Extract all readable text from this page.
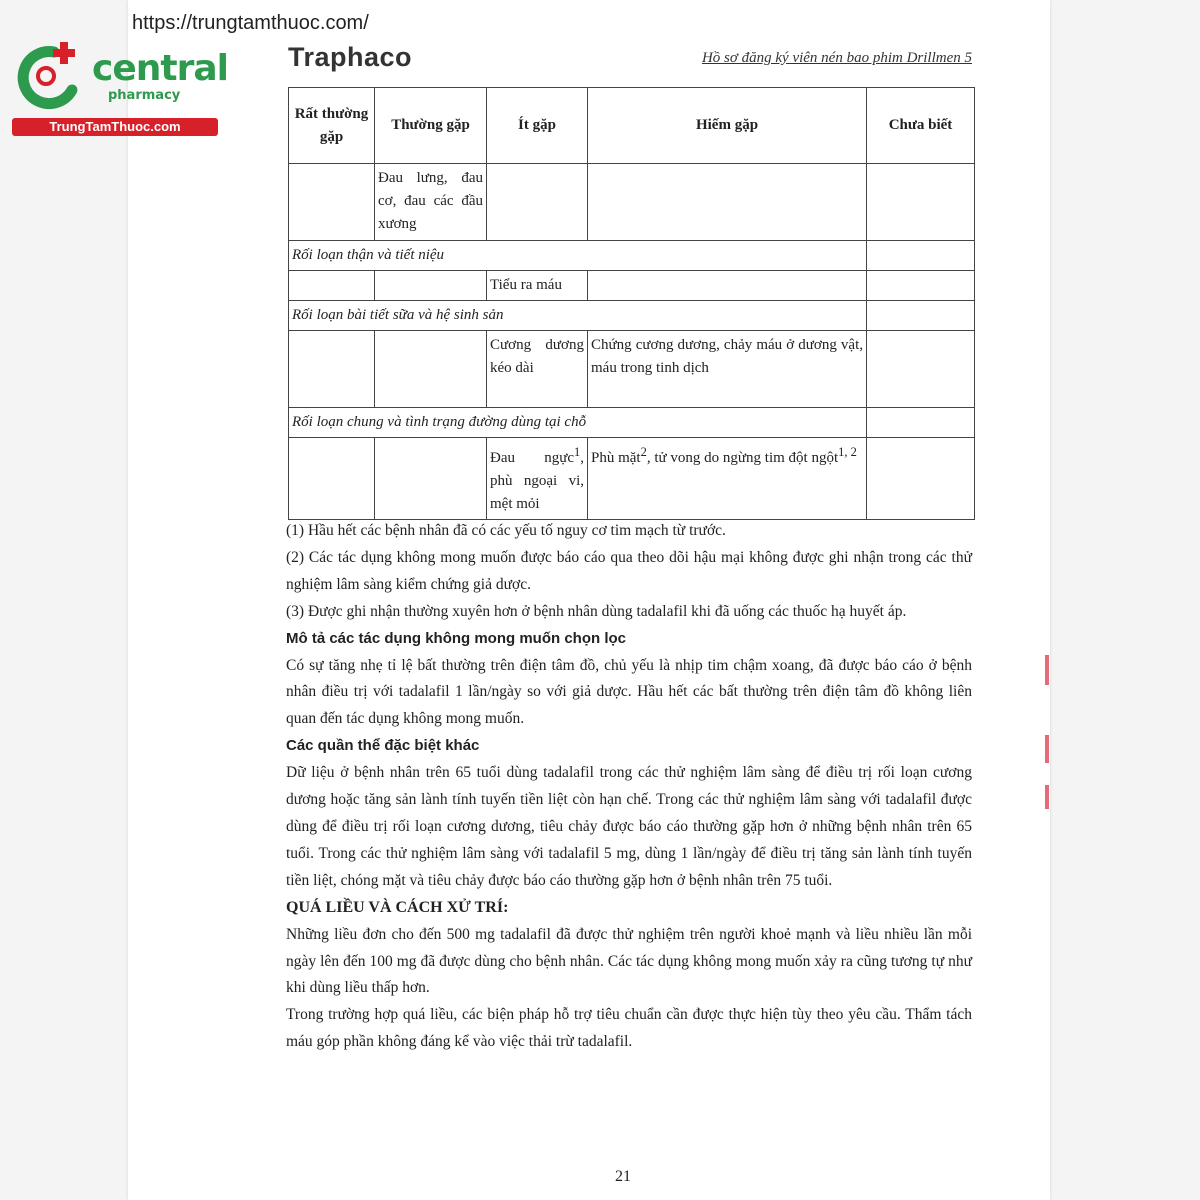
https://trungtamthuoc.com/
central
pharmacy
TrungTamThuoc.com
Traphaco	Hồ sơ đăng ký viên nén bao phim Drillmen 5
Rất thường gặp	Thường gặp	Ít gặp	Hiếm gặp	Chưa biết
	Đau lưng, đau cơ, đau các đầu xương			
Rối loạn thận và tiết niệu				
		Tiểu ra máu		
Rối loạn bài tiết sữa và hệ sinh sản				
		Cương dương kéo dài	Chứng cương dương, chảy máu ở dương vật, máu trong tinh dịch	
Rối loạn chung và tình trạng đường dùng tại chỗ				
		Đau ngực$^1$, phù ngoại vi, mệt mỏi	Phù mặt$^2$, tử vong do ngừng tim đột ngột$^{1, 2}$	

(1) Hầu hết các bệnh nhân đã có các yếu tố nguy cơ tim mạch từ trước.

(2) Các tác dụng không mong muốn được báo cáo qua theo dõi hậu mại không được ghi nhận trong các thử nghiệm lâm sàng kiểm chứng giả dược.

(3) Được ghi nhận thường xuyên hơn ở bệnh nhân dùng tadalafil khi đã uống các thuốc hạ huyết áp.

Mô tả các tác dụng không mong muốn chọn lọc

Có sự tăng nhẹ tỉ lệ bất thường trên điện tâm đồ, chủ yếu là nhịp tim chậm xoang, đã được báo cáo ở bệnh nhân điều trị với tadalafil 1 lần/ngày so với giả dược. Hầu hết các bất thường trên điện tâm đồ không liên quan đến tác dụng không mong muốn.

Các quần thể đặc biệt khác

Dữ liệu ở bệnh nhân trên 65 tuổi dùng tadalafil trong các thử nghiệm lâm sàng để điều trị rối loạn cương dương hoặc tăng sản lành tính tuyến tiền liệt còn hạn chế. Trong các thử nghiệm lâm sàng với tadalafil được dùng để điều trị rối loạn cương dương, tiêu chảy được báo cáo thường gặp hơn ở những bệnh nhân trên 65 tuổi. Trong các thử nghiệm lâm sàng với tadalafil 5 mg, dùng 1 lần/ngày để điều trị tăng sản lành tính tuyến tiền liệt, chóng mặt và tiêu chảy được báo cáo thường gặp hơn ở bệnh nhân trên 75 tuổi.

QUÁ LIỀU VÀ CÁCH XỬ TRÍ:

Những liều đơn cho đến 500 mg tadalafil đã được thử nghiệm trên người khoẻ mạnh và liều nhiều lần mỗi ngày lên đến 100 mg đã được dùng cho bệnh nhân. Các tác dụng không mong muốn xảy ra cũng tương tự như khi dùng liều thấp hơn.

Trong trường hợp quá liều, các biện pháp hỗ trợ tiêu chuẩn cần được thực hiện tùy theo yêu cầu. Thẩm tách máu góp phần không đáng kể vào việc thải trừ tadalafil.

21
